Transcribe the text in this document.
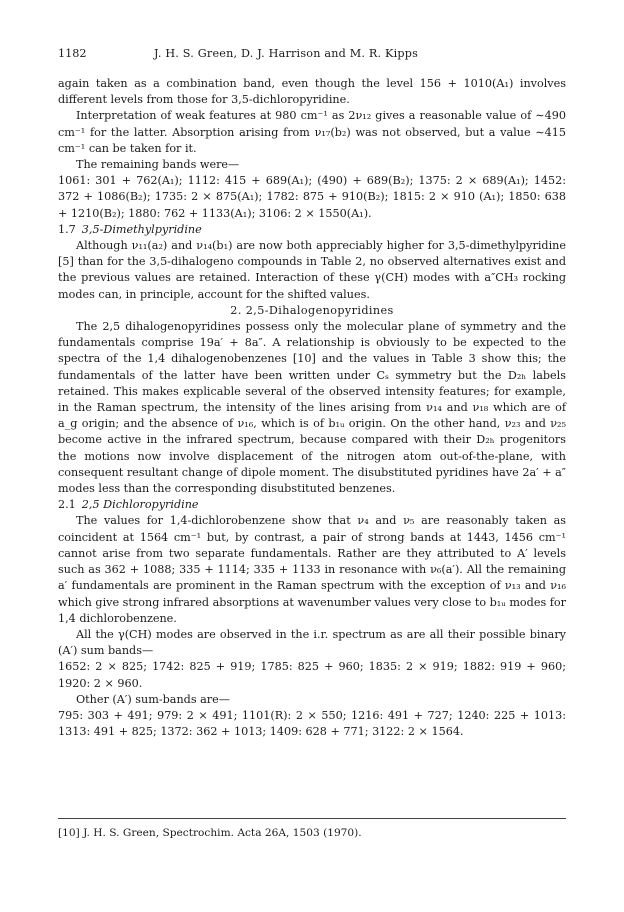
1182	J. H. S. Green, D. J. Harrison and M. R. Kipps

again taken as a combination band, even though the level 156 + 1010(A₁) involves different levels from those for 3,5-dichloropyridine.

Interpretation of weak features at 980 cm⁻¹ as 2ν₁₂ gives a reasonable value of ∼490 cm⁻¹ for the latter. Absorption arising from ν₁₇(b₂) was not observed, but a value ∼415 cm⁻¹ can be taken for it.

The remaining bands were—

1061: 301 + 762(A₁); 1112: 415 + 689(A₁); (490) + 689(B₂); 1375: 2 × 689(A₁); 1452: 372 + 1086(B₂); 1735: 2 × 875(A₁); 1782: 875 + 910(B₂); 1815: 2 × 910 (A₁); 1850: 638 + 1210(B₂); 1880: 762 + 1133(A₁); 3106: 2 × 1550(A₁).

1.7 3,5-Dimethylpyridine

Although ν₁₁(a₂) and ν₁₄(b₁) are now both appreciably higher for 3,5-dimethylpyridine [5] than for the 3,5-dihalogeno compounds in Table 2, no observed alternatives exist and the previous values are retained. Interaction of these γ(CH) modes with a″CH₃ rocking modes can, in principle, account for the shifted values.

2. 2,5-Dihalogenopyridines

The 2,5 dihalogenopyridines possess only the molecular plane of symmetry and the fundamentals comprise 19a′ + 8a″. A relationship is obviously to be expected to the spectra of the 1,4 dihalogenobenzenes [10] and the values in Table 3 show this; the fundamentals of the latter have been written under Cₛ symmetry but the D₂ₕ labels retained. This makes explicable several of the observed intensity features; for example, in the Raman spectrum, the intensity of the lines arising from ν₁₄ and ν₁₈ which are of a_g origin; and the absence of ν₁₆, which is of b₁ᵤ origin. On the other hand, ν₂₃ and ν₂₅ become active in the infrared spectrum, because compared with their D₂ₕ progenitors the motions now involve displacement of the nitrogen atom out-of-the-plane, with consequent resultant change of dipole moment. The disubstituted pyridines have 2a′ + a″ modes less than the corresponding disubstituted benzenes.

2.1 2,5 Dichloropyridine

The values for 1,4-dichlorobenzene show that ν₄ and ν₅ are reasonably taken as coincident at 1564 cm⁻¹ but, by contrast, a pair of strong bands at 1443, 1456 cm⁻¹ cannot arise from two separate fundamentals. Rather are they attributed to A′ levels such as 362 + 1088; 335 + 1114; 335 + 1133 in resonance with ν₆(a′). All the remaining a′ fundamentals are prominent in the Raman spectrum with the exception of ν₁₃ and ν₁₆ which give strong infrared absorptions at wavenumber values very close to b₁ᵤ modes for 1,4 dichlorobenzene.

All the γ(CH) modes are observed in the i.r. spectrum as are all their possible binary (A′) sum bands—

1652: 2 × 825; 1742: 825 + 919; 1785: 825 + 960; 1835: 2 × 919; 1882: 919 + 960; 1920: 2 × 960.

Other (A′) sum-bands are—

795: 303 + 491; 979: 2 × 491; 1101(R): 2 × 550; 1216: 491 + 727; 1240: 225 + 1013: 1313: 491 + 825; 1372: 362 + 1013; 1409: 628 + 771; 3122: 2 × 1564.

[10] J. H. S. Green, Spectrochim. Acta 26A, 1503 (1970).
